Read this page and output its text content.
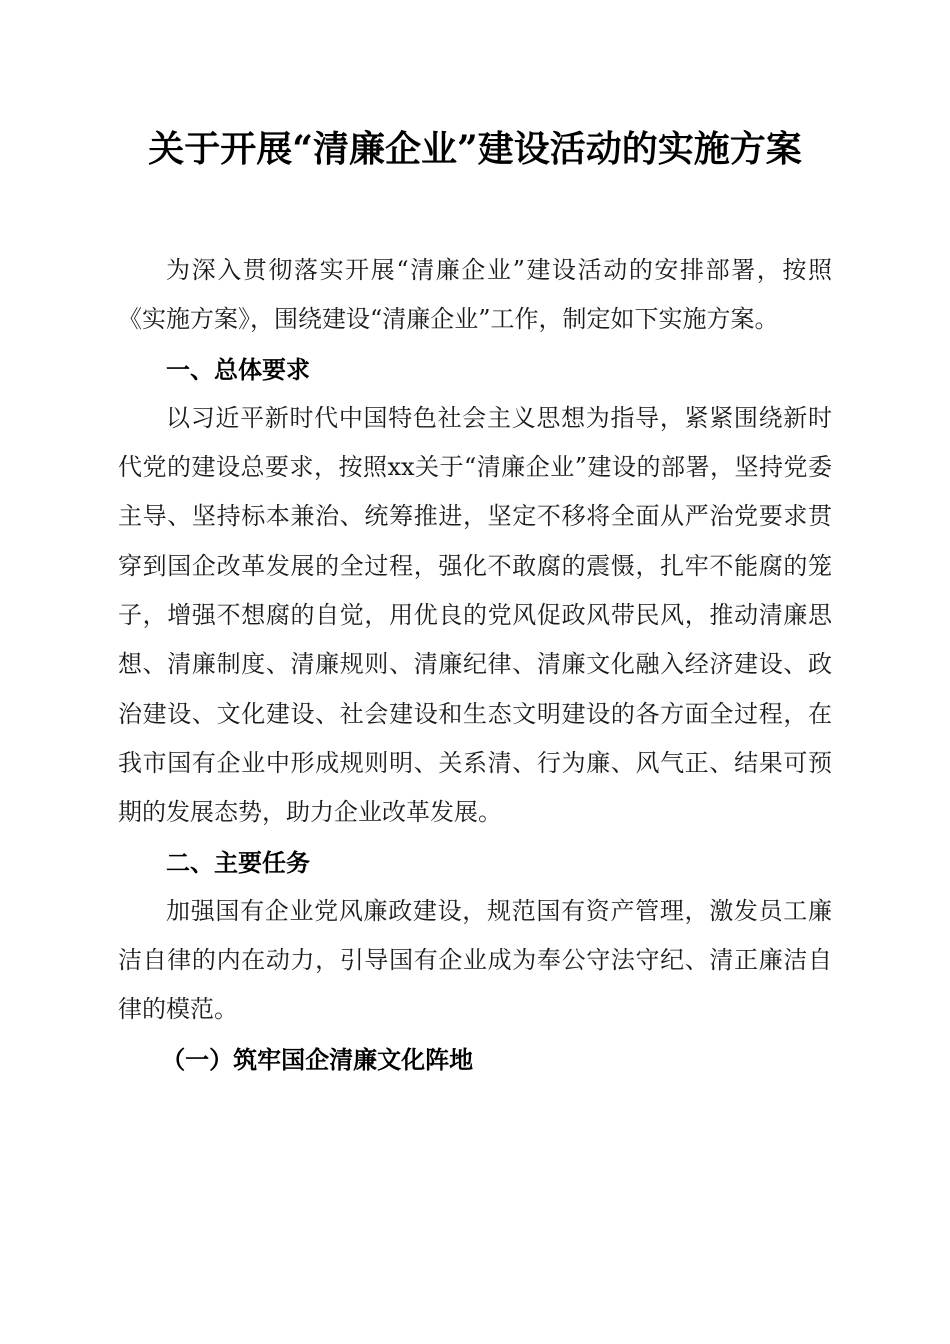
关于开展“清廉企业”建设活动的实施方案

为深入贯彻落实开展“清廉企业”建设活动的安排部署，按照《实施方案》，围绕建设“清廉企业”工作，制定如下实施方案。

一、总体要求

以习近平新时代中国特色社会主义思想为指导，紧紧围绕新时代党的建设总要求，按照xx关于“清廉企业”建设的部署，坚持党委主导、坚持标本兼治、统筹推进，坚定不移将全面从严治党要求贯穿到国企改革发展的全过程，强化不敢腐的震慑，扎牢不能腐的笼子，增强不想腐的自觉，用优良的党风促政风带民风，推动清廉思想、清廉制度、清廉规则、清廉纪律、清廉文化融入经济建设、政治建设、文化建设、社会建设和生态文明建设的各方面全过程，在我市国有企业中形成规则明、关系清、行为廉、风气正、结果可预期的发展态势，助力企业改革发展。

二、主要任务

加强国有企业党风廉政建设，规范国有资产管理，激发员工廉洁自律的内在动力，引导国有企业成为奉公守法守纪、清正廉洁自律的模范。

（一）筑牢国企清廉文化阵地
